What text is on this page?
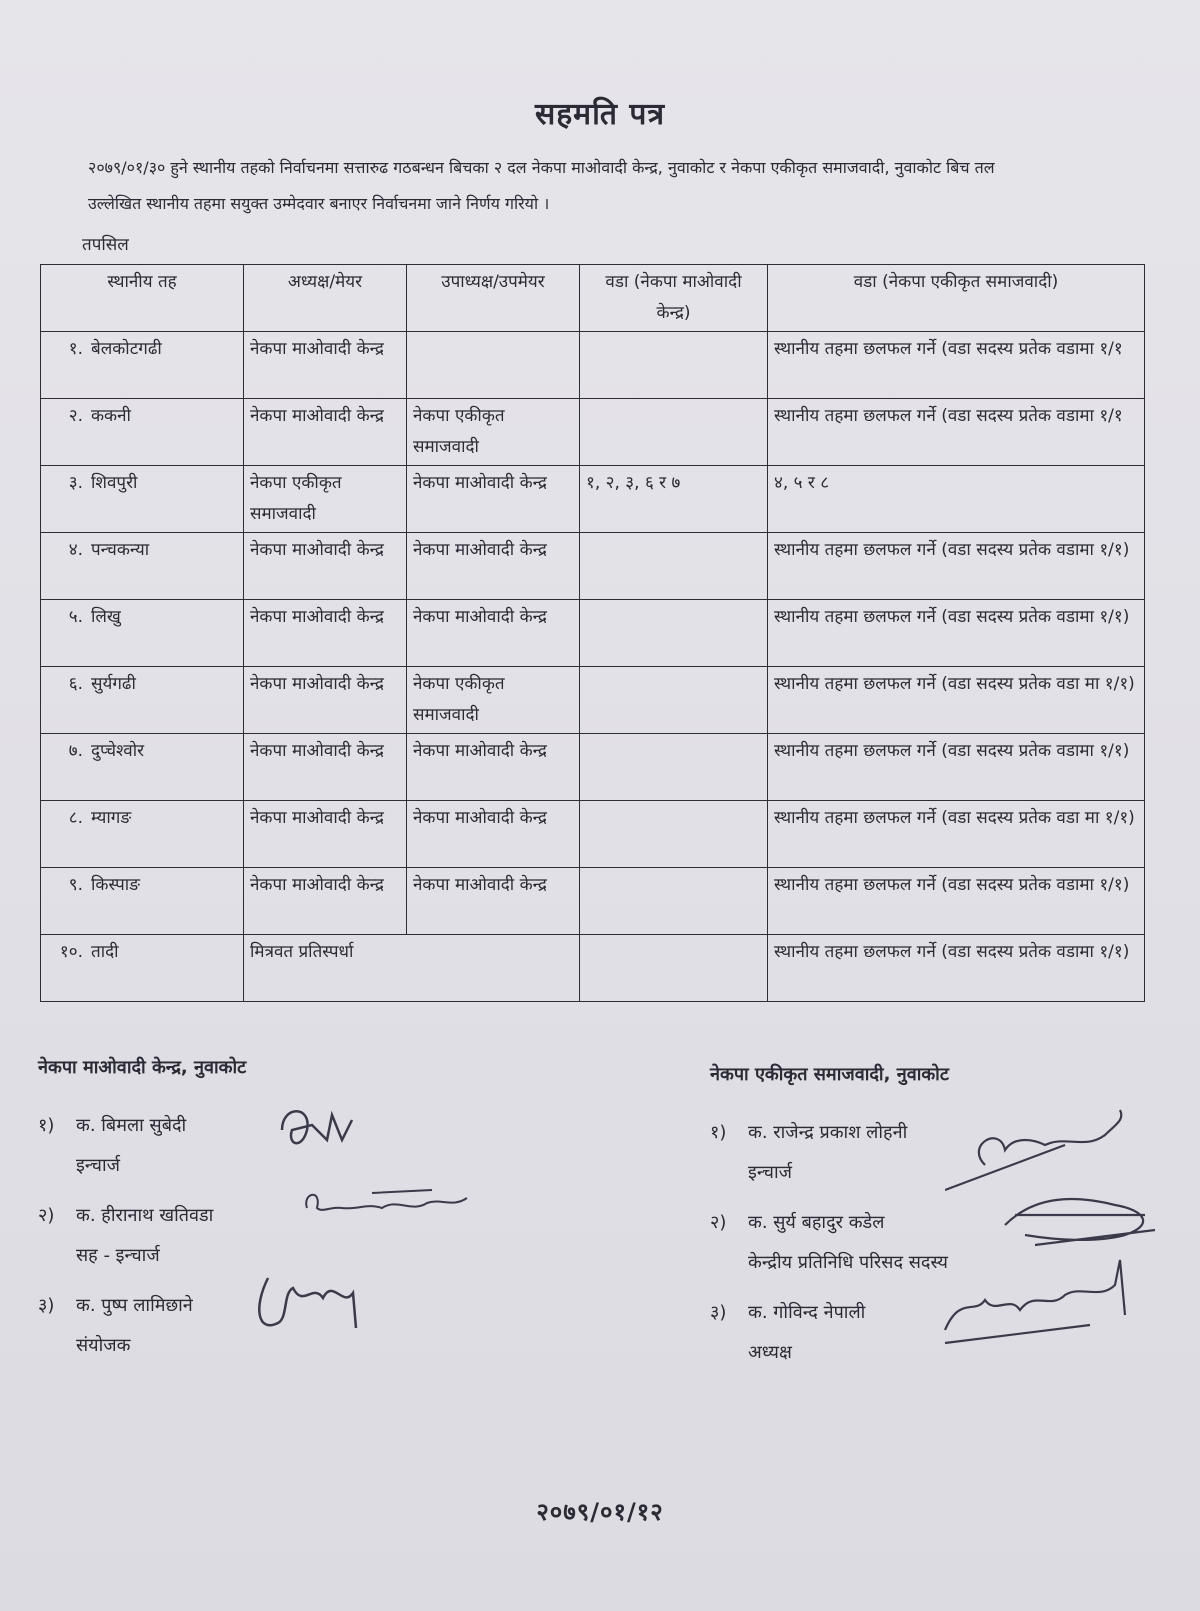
सहमति पत्र
२०७९/०१/३० हुने स्थानीय तहको निर्वाचनमा सत्तारुढ गठबन्धन बिचका २ दल नेकपा माओवादी केन्द्र, नुवाकोट र नेकपा एकीकृत समाजवादी, नुवाकोट बिच तल उल्लेखित स्थानीय तहमा सयुक्त उम्मेदवार बनाएर निर्वाचनमा जाने निर्णय गरियो ।
तपसिल
स्थानीय तह	अध्यक्ष/मेयर	उपाध्यक्ष/उपमेयर	वडा (नेकपा माओवादी केन्द्र)	वडा (नेकपा एकीकृत समाजवादी)
१. बेलकोटगढी	नेकपा माओवादी केन्द्र			स्थानीय तहमा छलफल गर्ने (वडा सदस्य प्रतेक वडामा १/१
२. ककनी	नेकपा माओवादी केन्द्र	नेकपा एकीकृत समाजवादी		स्थानीय तहमा छलफल गर्ने (वडा सदस्य प्रतेक वडामा १/१
३. शिवपुरी	नेकपा एकीकृत समाजवादी	नेकपा माओवादी केन्द्र	१, २, ३, ६ र ७	४, ५ र ८
४. पन्चकन्या	नेकपा माओवादी केन्द्र	नेकपा माओवादी केन्द्र		स्थानीय तहमा छलफल गर्ने (वडा सदस्य प्रतेक वडामा १/१)
५. लिखु	नेकपा माओवादी केन्द्र	नेकपा माओवादी केन्द्र		स्थानीय तहमा छलफल गर्ने (वडा सदस्य प्रतेक वडामा १/१)
६. सुर्यगढी	नेकपा माओवादी केन्द्र	नेकपा एकीकृत समाजवादी		स्थानीय तहमा छलफल गर्ने (वडा सदस्य प्रतेक वडा मा १/१)
७. दुप्चेश्वोर	नेकपा माओवादी केन्द्र	नेकपा माओवादी केन्द्र		स्थानीय तहमा छलफल गर्ने (वडा सदस्य प्रतेक वडामा १/१)
८. म्यागङ	नेकपा माओवादी केन्द्र	नेकपा माओवादी केन्द्र		स्थानीय तहमा छलफल गर्ने (वडा सदस्य प्रतेक वडा मा १/१)
९. किस्पाङ	नेकपा माओवादी केन्द्र	नेकपा माओवादी केन्द्र		स्थानीय तहमा छलफल गर्ने (वडा सदस्य प्रतेक वडामा १/१)
१०. तादी	मित्रवत प्रतिस्पर्धा			स्थानीय तहमा छलफल गर्ने (वडा सदस्य प्रतेक वडामा १/१)
नेकपा माओवादी केन्द्र, नुवाकोट
१) क. बिमला सुबेदी
इन्चार्ज
२) क. हीरानाथ खतिवडा
सह - इन्चार्ज
३) क. पुष्प लामिछाने
संयोजक
नेकपा एकीकृत समाजवादी, नुवाकोट
१) क. राजेन्द्र प्रकाश लोहनी
इन्चार्ज
२) क. सुर्य बहादुर कडेल
केन्द्रीय प्रतिनिधि परिसद सदस्य
३) क. गोविन्द नेपाली
अध्यक्ष
२०७९/०१/१२
